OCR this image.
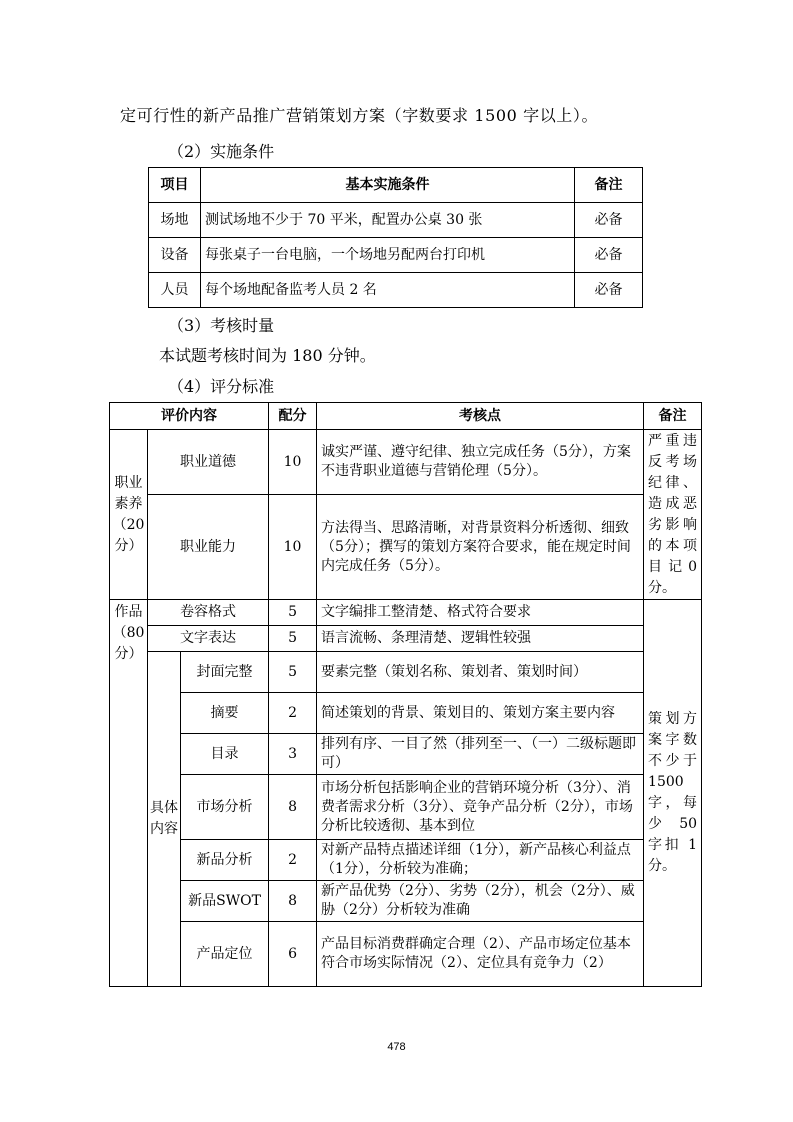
定可行性的新产品推广营销策划方案（字数要求 1500 字以上）。
（2）实施条件
项目	基本实施条件	备注
场地	测试场地不少于 70 平米，配置办公桌 30 张	必备
设备	每张桌子一台电脑，一个场地另配两台打印机	必备
人员	每个场地配备监考人员 2 名	必备
（3）考核时量
本试题考核时间为 180 分钟。
（4）评分标准
评价内容			配分	考核点	备注
职业素养（20分）	职业道德		10	诚实严谨、遵守纪律、独立完成任务（5分），方案不违背职业道德与营销伦理（5分）。	严重违反考场纪律、造成恶劣影响的本项目记0分。
	职业能力		10	方法得当、思路清晰，对背景资料分析透彻、细致（5分）；撰写的策划方案符合要求，能在规定时间内完成任务（5分）。	
作品（80分）	卷容格式		5	文字编排工整清楚、格式符合要求	策划方案字数不少于1500字，每少 50 字扣 1 分。
	文字表达		5	语言流畅、条理清楚、逻辑性较强	
	具体内容	封面完整	5	要素完整（策划名称、策划者、策划时间）	
		摘要	2	简述策划的背景、策划目的、策划方案主要内容	
		目录	3	排列有序、一目了然（排列至一、（一）二级标题即可）	
		市场分析	8	市场分析包括影响企业的营销环境分析（3分）、消费者需求分析（3分）、竞争产品分析（2分），市场分析比较透彻、基本到位	
		新品分析	2	对新产品特点描述详细（1分），新产品核心利益点（1分），分析较为准确；	
		新品SWOT	8	新产品优势（2分）、劣势（2分），机会（2分）、威胁（2分）分析较为准确	
		产品定位	6	产品目标消费群确定合理（2）、产品市场定位基本符合市场实际情况（2）、定位具有竞争力（2）	
478
